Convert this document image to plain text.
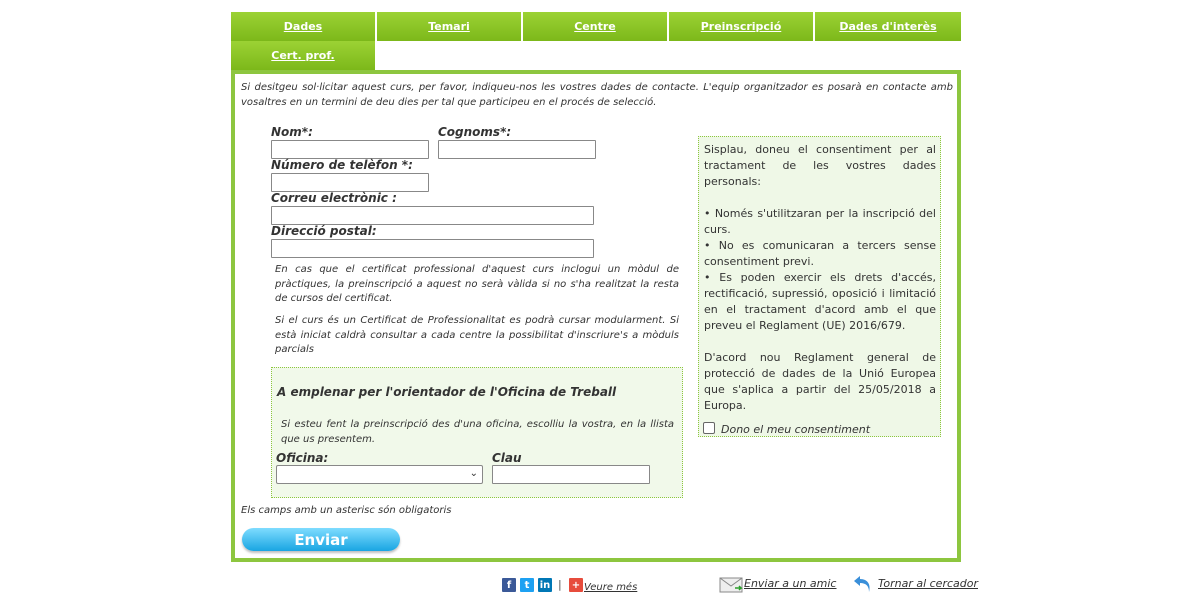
Dades	Temari	Centre	Preinscripció	Dades d'interès
Cert. prof.
Si desitgeu sol·licitar aquest curs, per favor, indiqueu-nos les vostres dades de contacte. L'equip organitzador es posarà en contacte amb vosaltres en un termini de deu dies per tal que participeu en el procés de selecció.
Nom*:	Cognoms*:
Número de telèfon *:
Correu electrònic :
Direcció postal:
En cas que el certificat professional d'aquest curs inclogui un mòdul de pràctiques, la preinscripció a aquest no serà vàlida si no s'ha realitzat la resta de cursos del certificat.
Si el curs és un Certificat de Professionalitat es podrà cursar modularment. Si està iniciat caldrà consultar a cada centre la possibilitat d'inscriure's a mòduls parcials
A emplenar per l'orientador de l'Oficina de Treball
Si esteu fent la preinscripció des d'una oficina, escolliu la vostra, en la llista que us presentem.
Oficina:
⌄
Clau

Sisplau, doneu el consentiment per al tractament de les vostres dades personals:

• Només s'utilitzaran per la inscripció del curs.

• No es comunicaran a tercers sense consentiment previ.

• Es poden exercir els drets d'accés, rectificació, supressió, oposició i limitació en el tractament d'acord amb el que preveu el Reglament (UE) 2016/679.

D'acord nou Reglament general de protecció de dades de la Unió Europea que s'aplica a partir del 25/05/2018 a Europa.

Dono el meu consentiment
Els camps amb un asterisc són obligatoris
Enviar
f	t	in | + Veure més	Enviar a un amic	Tornar al cercador
